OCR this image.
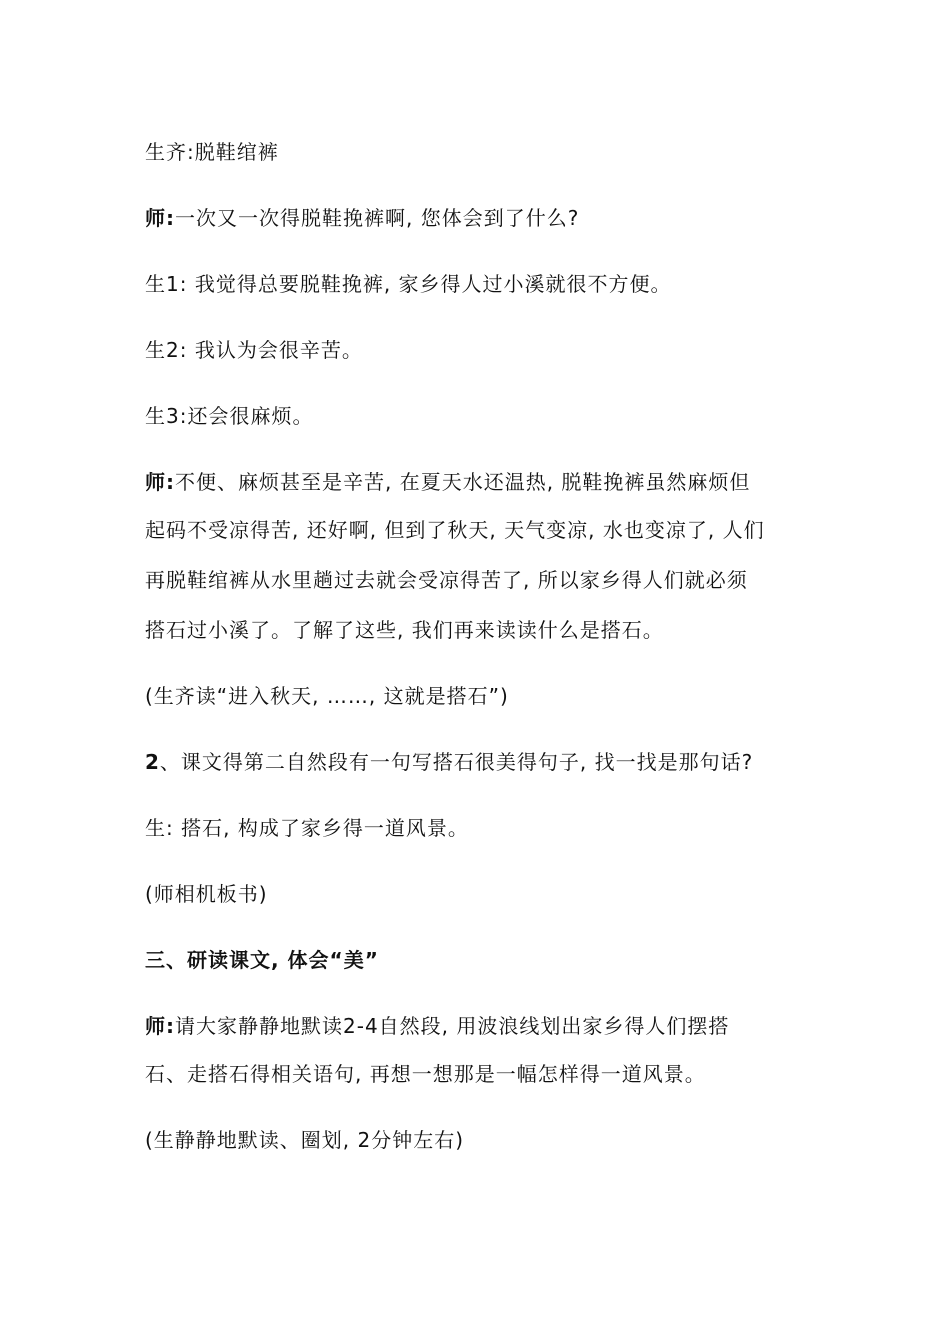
生齐:脱鞋绾裤
师:一次又一次得脱鞋挽裤啊, 您体会到了什么?
生1: 我觉得总要脱鞋挽裤, 家乡得人过小溪就很不方便。
生2: 我认为会很辛苦。
生3:还会很麻烦。
师:不便、麻烦甚至是辛苦, 在夏天水还温热, 脱鞋挽裤虽然麻烦但
起码不受凉得苦, 还好啊, 但到了秋天, 天气变凉, 水也变凉了, 人们
再脱鞋绾裤从水里趟过去就会受凉得苦了, 所以家乡得人们就必须
搭石过小溪了。了解了这些, 我们再来读读什么是搭石。
(生齐读“进入秋天, ……, 这就是搭石”)
2、课文得第二自然段有一句写搭石很美得句子, 找一找是那句话?
生: 搭石, 构成了家乡得一道风景。
(师相机板书)
三、研读课文, 体会“美”
师:请大家静静地默读2-4自然段, 用波浪线划出家乡得人们摆搭
石、走搭石得相关语句, 再想一想那是一幅怎样得一道风景。
(生静静地默读、圈划, 2分钟左右)
